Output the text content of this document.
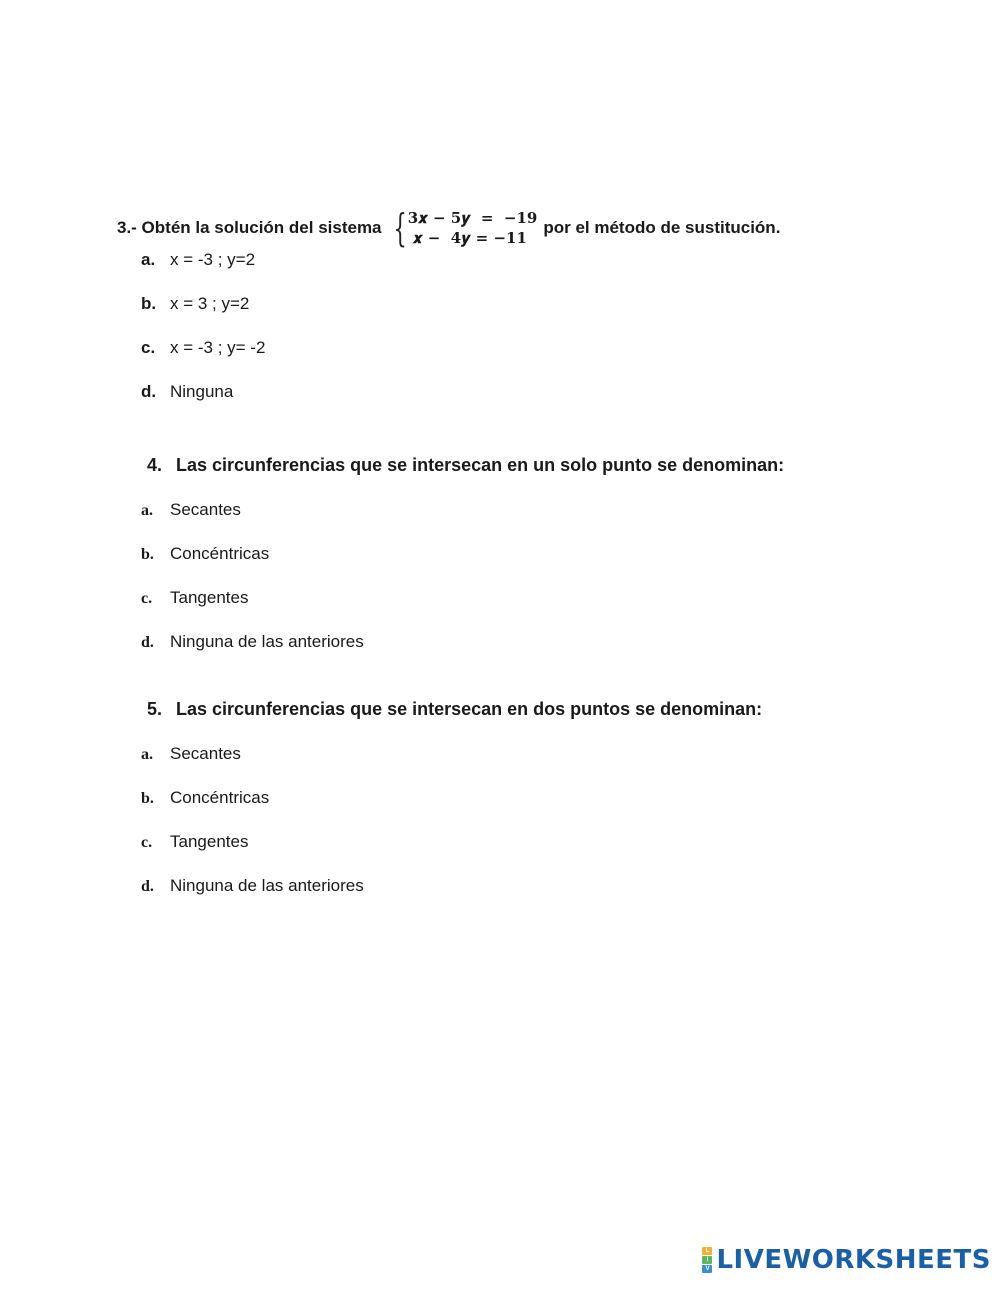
3.- Obtén la solución del sistema { 3𝒙 − 5𝒚  =  −𝟏𝟗
𝒙 −  4𝒚 = −𝟏𝟏
por el método de sustitución.
a. x = -3 ; y=2
b. x = 3 ; y=2
c. x = -3 ; y= -2
d. Ninguna
4. Las circunferencias que se intersecan en un solo punto se denominan:
a.	Secantes
b. Concéntricas
c.	Tangentes
d. Ninguna de las anteriores
5. Las circunferencias que se intersecan en dos puntos se denominan:
a.	Secantes
b. Concéntricas
c.	Tangentes
d. Ninguna de las anteriores
L
I
V LIVEWORKSHEETS
